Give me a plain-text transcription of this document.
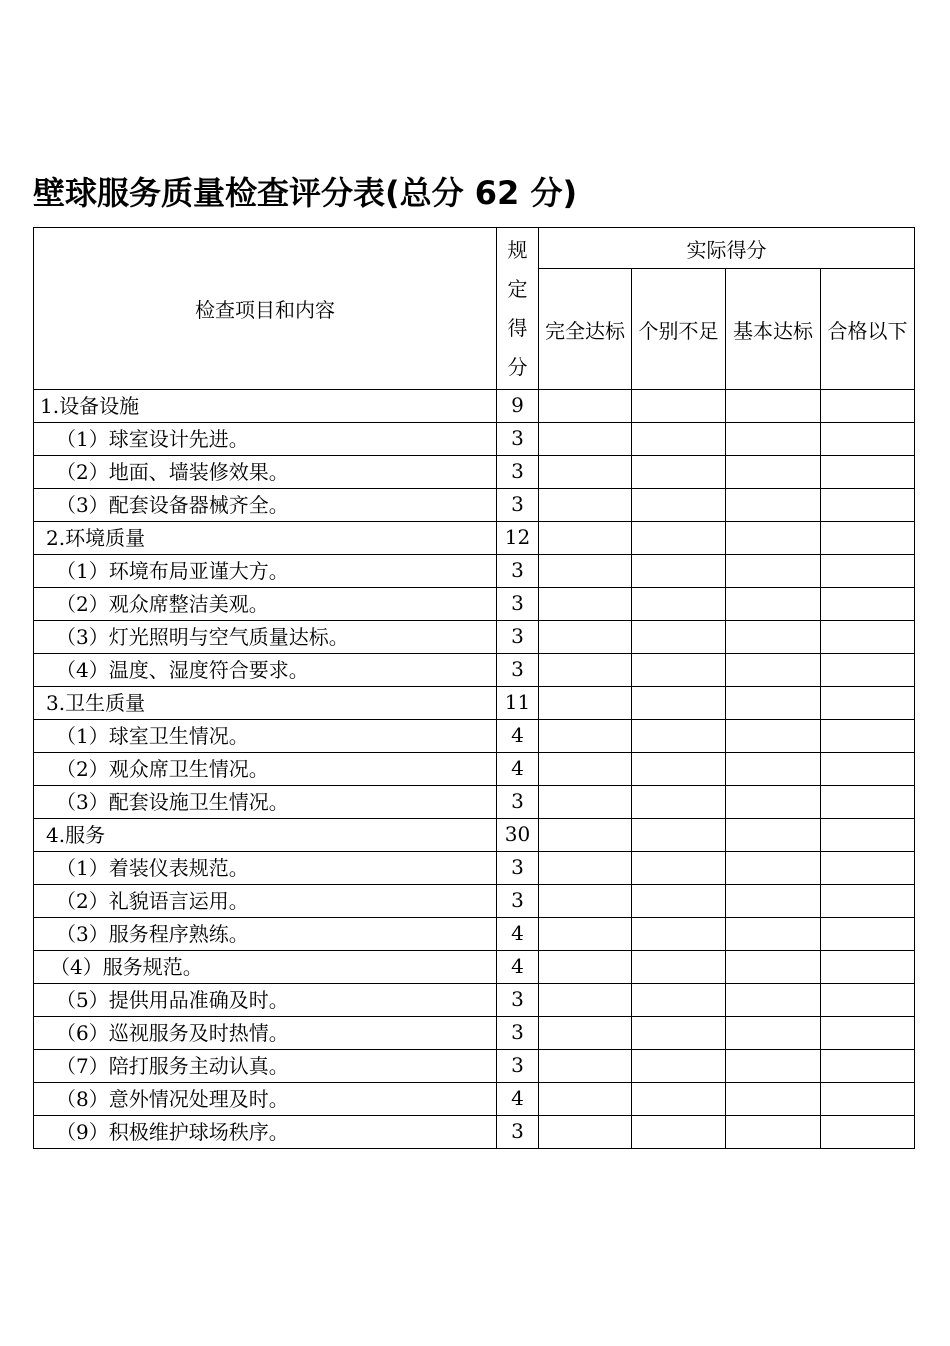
壁球服务质量检查评分表(总分 62 分)
检查项目和内容	规定得分	实际得分			
		完全达标	个别不足	基本达标	合格以下
1.设备设施	9				
（1）球室设计先进。	3				
（2）地面、墙装修效果。	3				
（3）配套设备器械齐全。	3				
2.环境质量	12				
（1）环境布局亚谨大方。	3				
（2）观众席整洁美观。	3				
（3）灯光照明与空气质量达标。	3				
（4）温度、湿度符合要求。	3				
3.卫生质量	11				
（1）球室卫生情况。	4				
（2）观众席卫生情况。	4				
（3）配套设施卫生情况。	3				
4.服务	30				
（1）着装仪表规范。	3				
（2）礼貌语言运用。	3				
（3）服务程序熟练。	4				
（4）服务规范。	4				
（5）提供用品准确及时。	3				
（6）巡视服务及时热情。	3				
（7）陪打服务主动认真。	3				
（8）意外情况处理及时。	4				
（9）积极维护球场秩序。	3				
